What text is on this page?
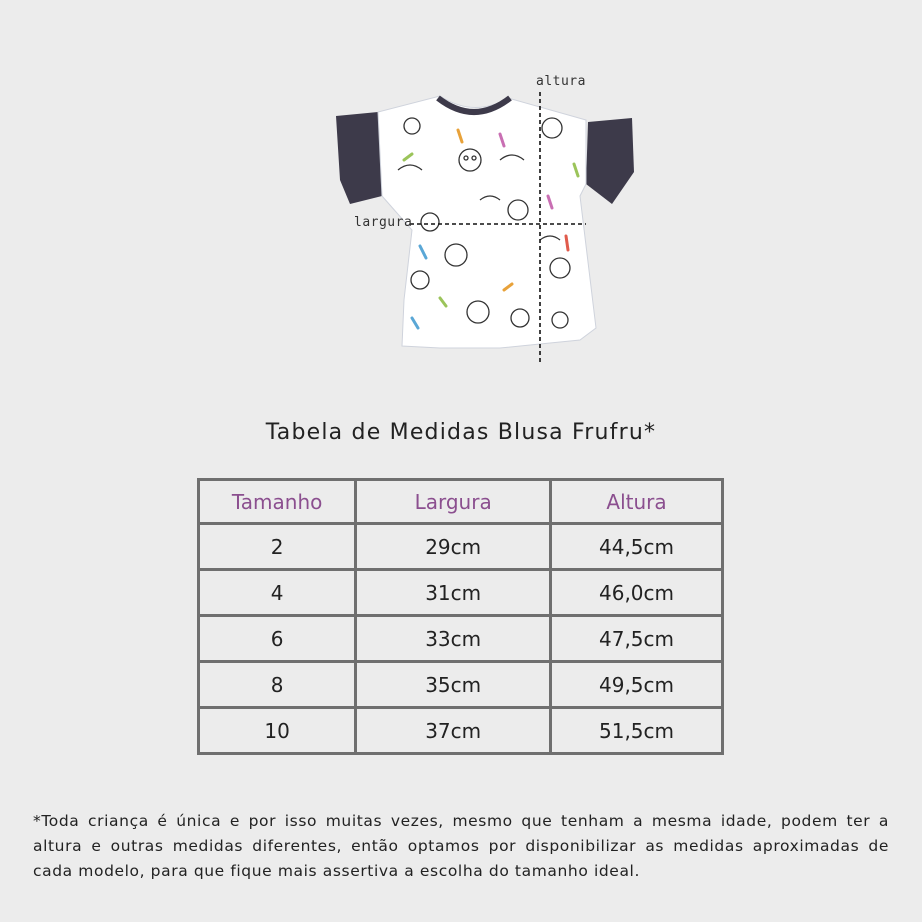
altura
largura
Tabela de Medidas Blusa Frufru*
Tamanho	Largura	Altura
2	29cm	44,5cm
4	31cm	46,0cm
6	33cm	47,5cm
8	35cm	49,5cm
10	37cm	51,5cm
*Toda criança é única e por isso muitas vezes, mesmo que tenham a mesma idade, podem ter a altura e outras medidas diferentes, então optamos por disponibilizar as medidas aproximadas de cada modelo, para que fique mais assertiva a escolha do tamanho ideal.
